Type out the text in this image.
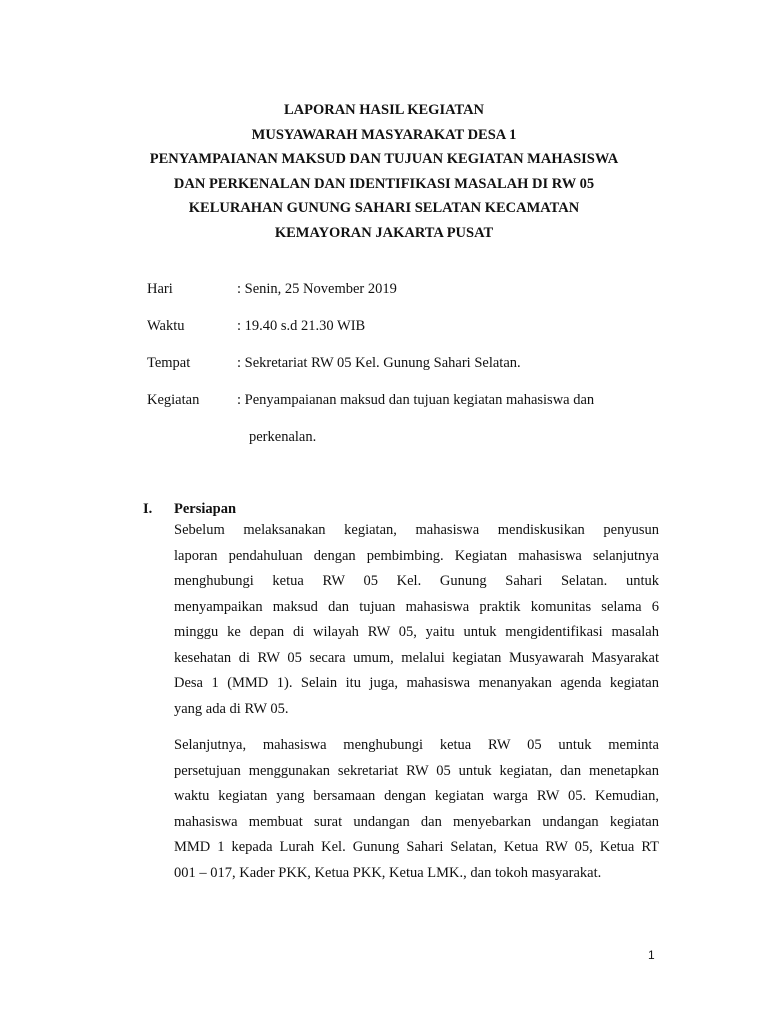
LAPORAN HASIL KEGIATAN
MUSYAWARAH MASYARAKAT DESA 1
PENYAMPAIANAN MAKSUD DAN TUJUAN KEGIATAN MAHASISWA
DAN PERKENALAN DAN IDENTIFIKASI MASALAH DI RW 05
KELURAHAN GUNUNG SAHARI SELATAN KECAMATAN
KEMAYORAN JAKARTA PUSAT
Hari	: Senin, 25 November 2019
Waktu	: 19.40 s.d 21.30 WIB
Tempat	: Sekretariat RW 05 Kel. Gunung Sahari Selatan.
Kegiatan	: Penyampaianan maksud dan tujuan kegiatan mahasiswa dan
perkenalan.
I. Persiapan
Sebelum melaksanakan kegiatan, mahasiswa mendiskusikan penyusun
laporan pendahuluan dengan pembimbing. Kegiatan mahasiswa selanjutnya
menghubungi ketua RW 05 Kel. Gunung Sahari Selatan. untuk
menyampaikan maksud dan tujuan mahasiswa praktik komunitas selama 6
minggu ke depan di wilayah RW 05, yaitu untuk mengidentifikasi masalah
kesehatan di RW 05 secara umum, melalui kegiatan Musyawarah Masyarakat
Desa 1 (MMD 1). Selain itu juga, mahasiswa menanyakan agenda kegiatan
yang ada di RW 05.
Selanjutnya, mahasiswa menghubungi ketua RW 05 untuk meminta
persetujuan menggunakan sekretariat RW 05 untuk kegiatan, dan menetapkan
waktu kegiatan yang bersamaan dengan kegiatan warga RW 05. Kemudian,
mahasiswa membuat surat undangan dan menyebarkan undangan kegiatan
MMD 1 kepada Lurah Kel. Gunung Sahari Selatan, Ketua RW 05, Ketua RT
001 – 017, Kader PKK, Ketua PKK, Ketua LMK., dan tokoh masyarakat.
1
